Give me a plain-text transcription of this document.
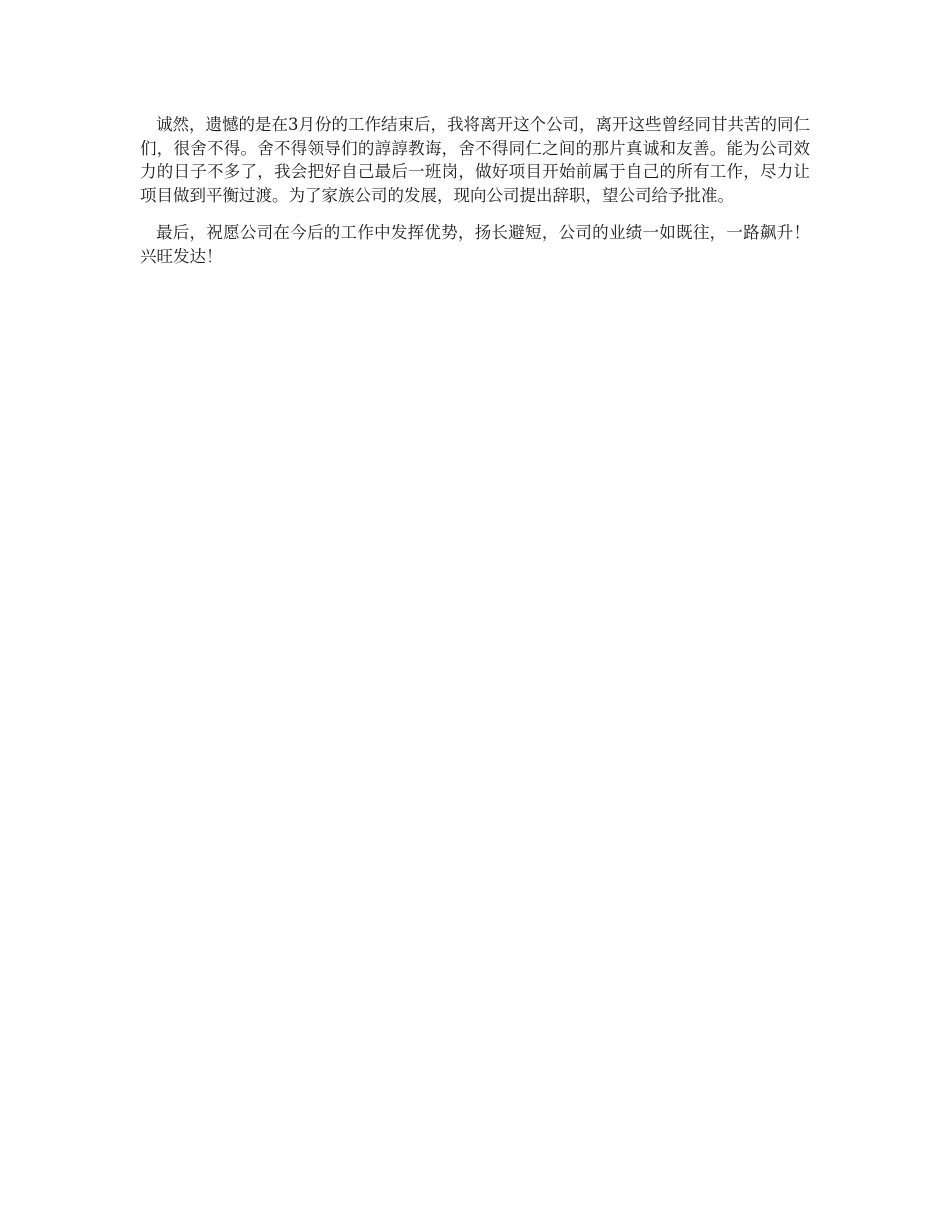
诚然，遗憾的是在3月份的工作结束后，我将离开这个公司，离开这些曾经同甘共苦的同仁们，很舍不得。舍不得领导们的諄諄教诲，舍不得同仁之间的那片真诚和友善。能为公司效力的日子不多了，我会把好自己最后一班岗，做好项目开始前属于自己的所有工作，尽力让项目做到平衡过渡。为了家族公司的发展，现向公司提出辞职，望公司给予批准。

最后，祝愿公司在今后的工作中发挥优势，扬长避短，公司的业绩一如既往，一路飙升！兴旺发达！
